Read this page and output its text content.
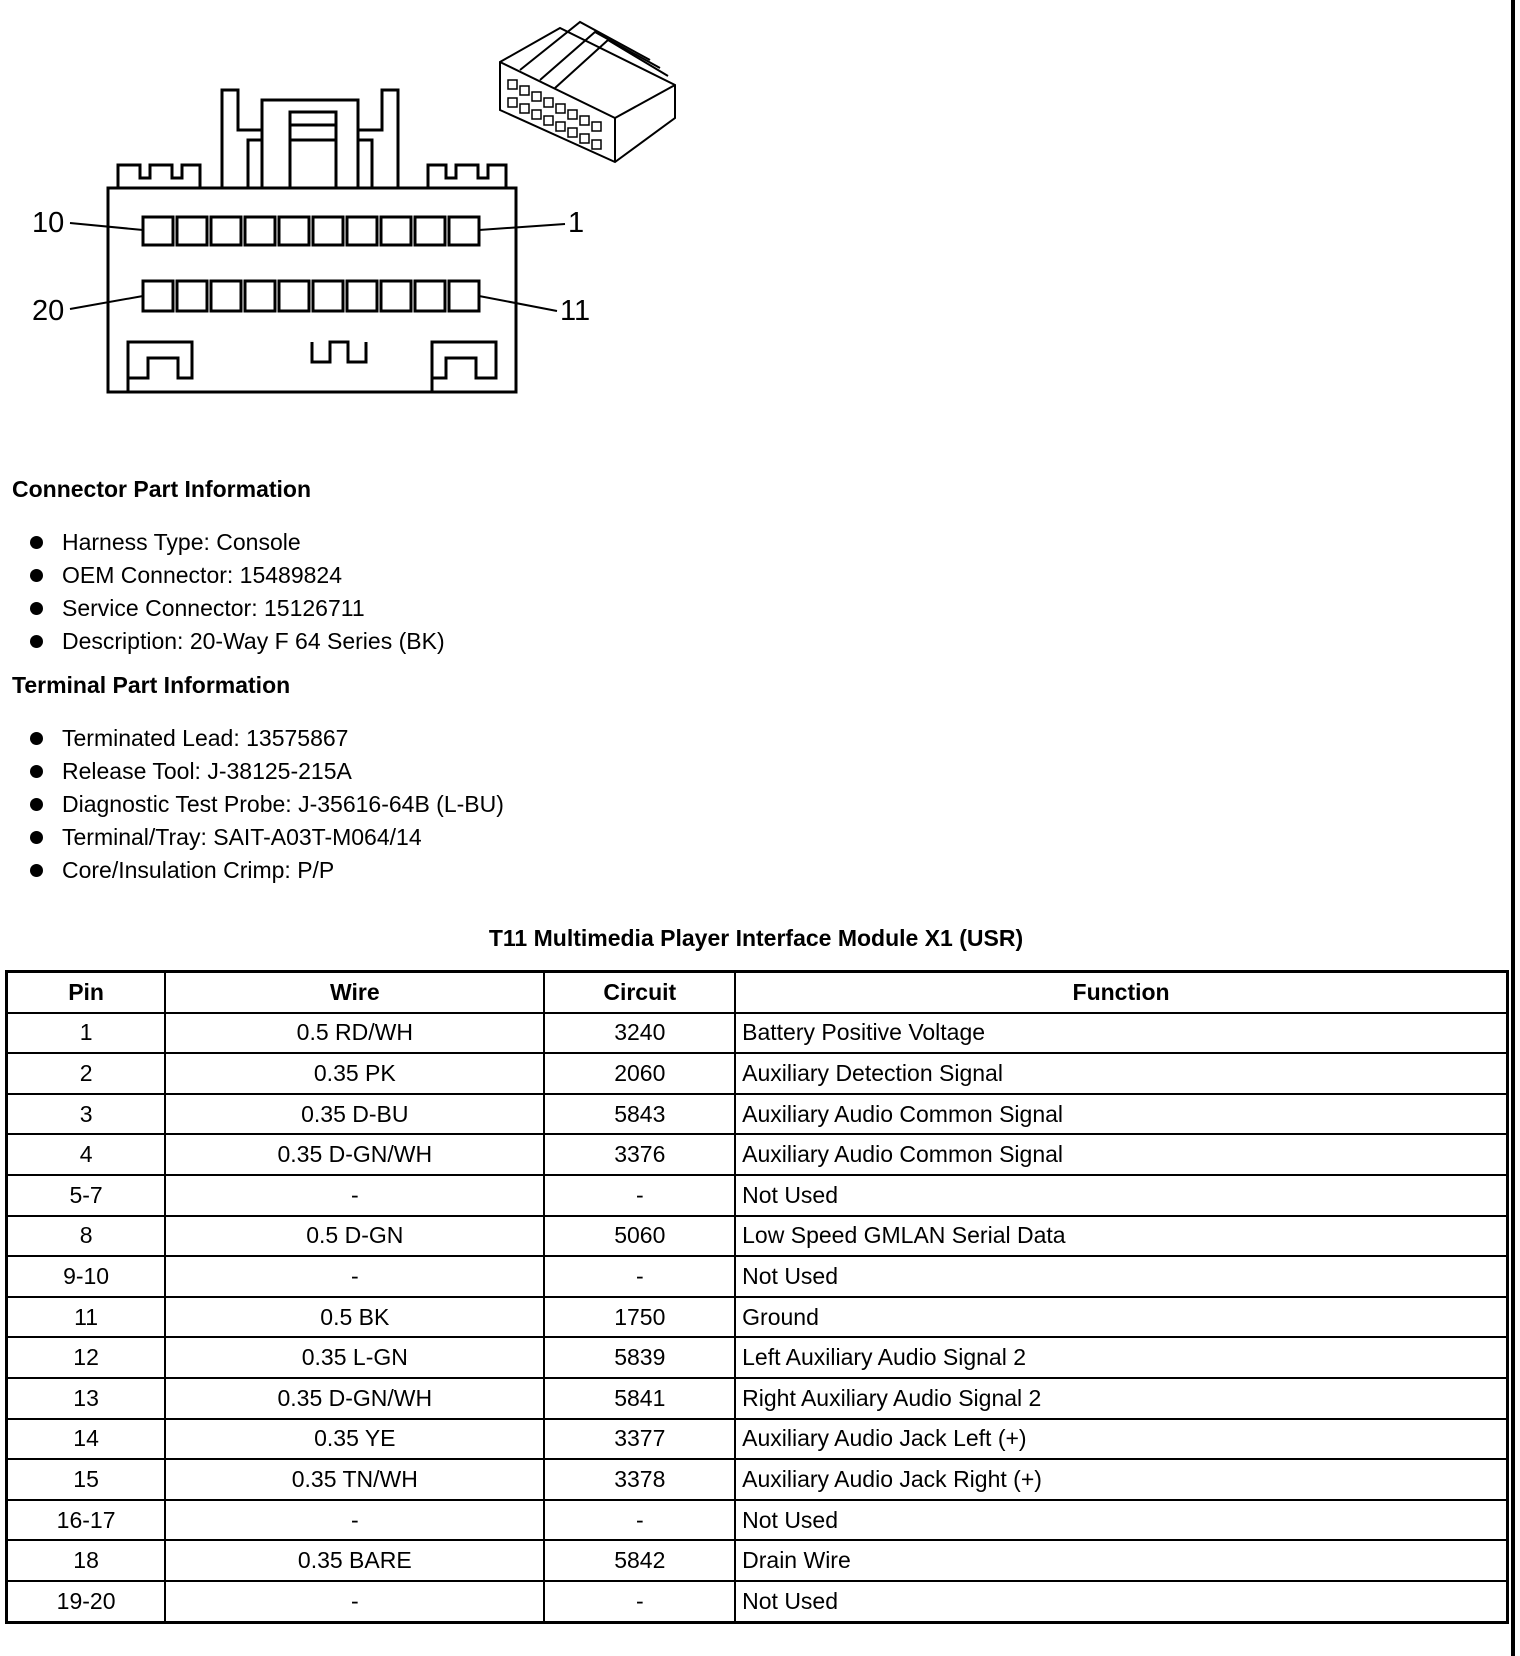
10	1
20	11
Connector Part Information
Harness Type: Console
OEM Connector: 15489824
Service Connector: 15126711
Description: 20-Way F 64 Series (BK)
Terminal Part Information
Terminated Lead: 13575867
Release Tool: J-38125-215A
Diagnostic Test Probe: J-35616-64B (L-BU)
Terminal/Tray: SAIT-A03T-M064/14
Core/Insulation Crimp: P/P
T11 Multimedia Player Interface Module X1 (USR)
Pin	Wire	Circuit	Function
1	0.5 RD/WH	3240	Battery Positive Voltage
2	0.35 PK	2060	Auxiliary Detection Signal
3	0.35 D-BU	5843	Auxiliary Audio Common Signal
4	0.35 D-GN/WH	3376	Auxiliary Audio Common Signal
5-7	-	-	Not Used
8	0.5 D-GN	5060	Low Speed GMLAN Serial Data
9-10	-	-	Not Used
11	0.5 BK	1750	Ground
12	0.35 L-GN	5839	Left Auxiliary Audio Signal 2
13	0.35 D-GN/WH	5841	Right Auxiliary Audio Signal 2
14	0.35 YE	3377	Auxiliary Audio Jack Left (+)
15	0.35 TN/WH	3378	Auxiliary Audio Jack Right (+)
16-17	-	-	Not Used
18	0.35 BARE	5842	Drain Wire
19-20	-	-	Not Used
